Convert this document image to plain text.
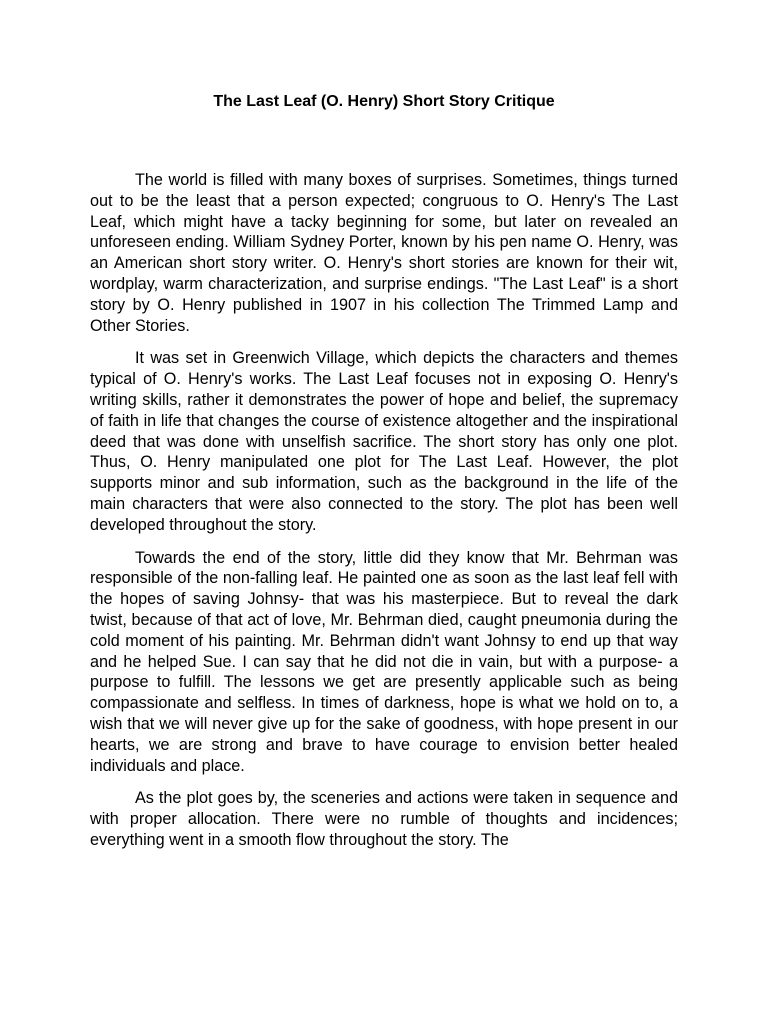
The Last Leaf (O. Henry) Short Story Critique

The world is filled with many boxes of surprises. Sometimes, things turned out to be the least that a person expected; congruous to O. Henry's The Last Leaf, which might have a tacky beginning for some, but later on revealed an unforeseen ending. William Sydney Porter, known by his pen name O. Henry, was an American short story writer. O. Henry's short stories are known for their wit, wordplay, warm characterization, and surprise endings. "The Last Leaf" is a short story by O. Henry published in 1907 in his collection The Trimmed Lamp and Other Stories.

It was set in Greenwich Village, which depicts the characters and themes typical of O. Henry's works. The Last Leaf focuses not in exposing O. Henry's writing skills, rather it demonstrates the power of hope and belief, the supremacy of faith in life that changes the course of existence altogether and the inspirational deed that was done with unselfish sacrifice. The short story has only one plot. Thus, O. Henry manipulated one plot for The Last Leaf. However, the plot supports minor and sub information, such as the background in the life of the main characters that were also connected to the story. The plot has been well developed throughout the story.

Towards the end of the story, little did they know that Mr. Behrman was responsible of the non-falling leaf. He painted one as soon as the last leaf fell with the hopes of saving Johnsy- that was his masterpiece. But to reveal the dark twist, because of that act of love, Mr. Behrman died, caught pneumonia during the cold moment of his painting. Mr. Behrman didn't want Johnsy to end up that way and he helped Sue. I can say that he did not die in vain, but with a purpose- a purpose to fulfill. The lessons we get are presently applicable such as being compassionate and selfless. In times of darkness, hope is what we hold on to, a wish that we will never give up for the sake of goodness, with hope present in our hearts, we are strong and brave to have courage to envision better healed individuals and place.

As the plot goes by, the sceneries and actions were taken in sequence and with proper allocation. There were no rumble of thoughts and incidences; everything went in a smooth flow throughout the story. The
